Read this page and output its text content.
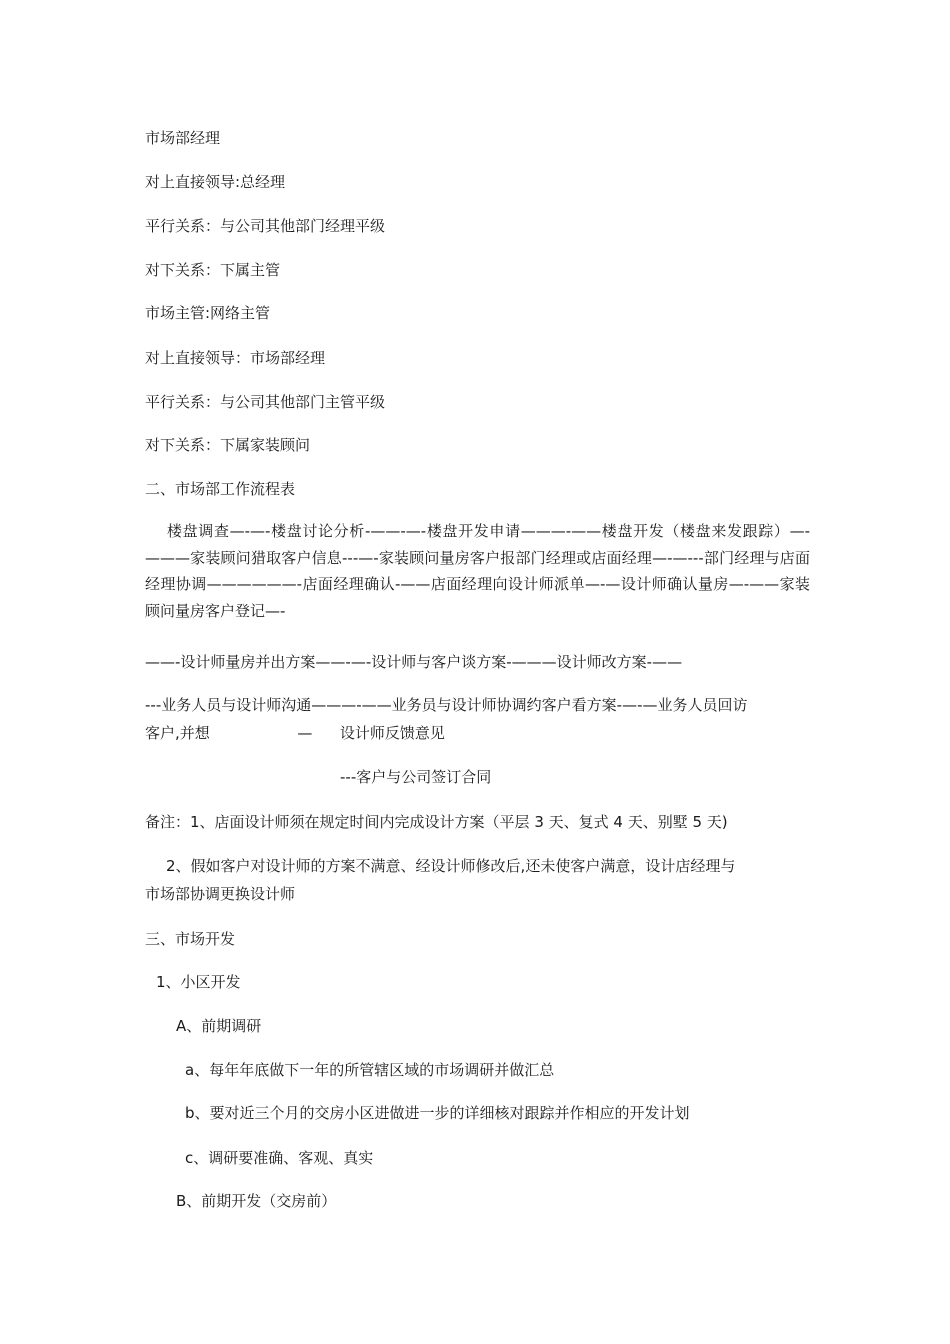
市场部经理
对上直接领导:总经理
平行关系：与公司其他部门经理平级
对下关系：下属主管
市场主管:网络主管
对上直接领导：市场部经理
平行关系：与公司其他部门主管平级
对下关系：下属家装顾问
二、市场部工作流程表
楼盘调查—-—-楼盘讨论分析-——-—-楼盘开发申请———-——楼盘开发（楼盘来发跟踪）—-———家装顾问猎取客户信息---—-家装顾问量房客户报部门经理或店面经理—-—---部门经理与店面经理协调——————-店面经理确认-——店面经理向设计师派单—-—设计师确认量房—-——家装顾问量房客户登记—-
——-设计师量房并出方案——-—-设计师与客户谈方案-———设计师改方案-——
---业务人员与设计师沟通———-——业务员与设计师协调约客户看方案-—-—业务人员回访
客户,并想	— 设计师反馈意见
---客户与公司签订合同
备注：1、店面设计师须在规定时间内完成设计方案（平层 3 天、复式 4 天、别墅 5 天)
2、假如客户对设计师的方案不满意、经设计师修改后,还未使客户满意，设计店经理与
市场部协调更换设计师
三、市场开发
1、小区开发
A、前期调研
a、每年年底做下一年的所管辖区域的市场调研并做汇总
b、要对近三个月的交房小区进做进一步的详细核对跟踪并作相应的开发计划
c、调研要准确、客观、真实
B、前期开发（交房前）
